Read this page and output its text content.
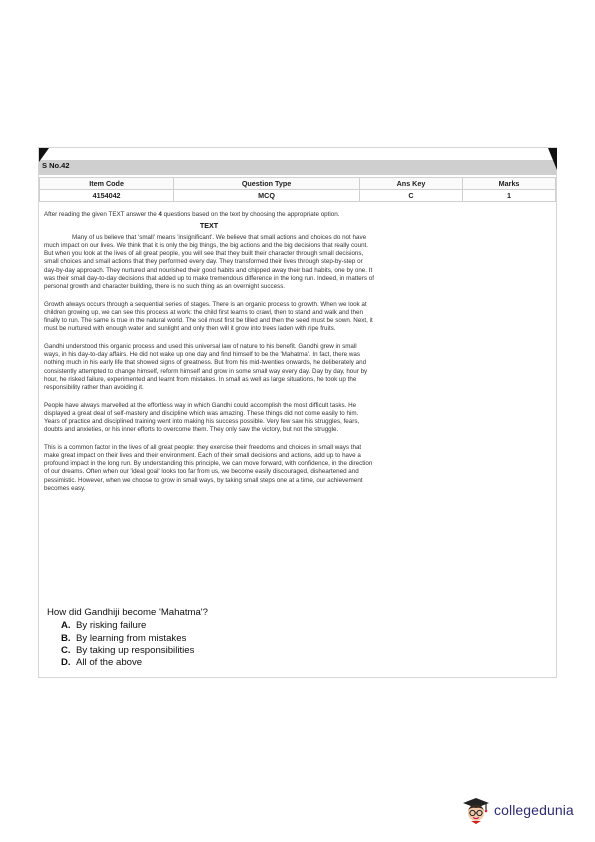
S No.42
Item Code	Question Type	Ans Key	Marks
4154042	MCQ	C	1

After reading the given TEXT answer the 4 questions based on the text by choosing the appropriate option.

TEXT

Many of us believe that 'small' means 'insignificant'. We believe that small actions and choices do not have much impact on our lives. We think that it is only the big things, the big actions and the big decisions that really count. But when you look at the lives of all great people, you will see that they built their character through small decisions, small choices and small actions that they performed every day. They transformed their lives through step-by-step or day-by-day approach. They nurtured and nourished their good habits and chipped away their bad habits, one by one. It was their small day-to-day decisions that added up to make tremendous difference in the long run. Indeed, in matters of personal growth and character building, there is no such thing as an overnight success.

Growth always occurs through a sequential series of stages. There is an organic process to growth. When we look at children growing up, we can see this process at work: the child first learns to crawl, then to stand and walk and then finally to run. The same is true in the natural world. The soil must first be tilled and then the seed must be sown. Next, it must be nurtured with enough water and sunlight and only then will it grow into trees laden with ripe fruits.

Gandhi understood this organic process and used this universal law of nature to his benefit. Gandhi grew in small ways, in his day-to-day affairs. He did not wake up one day and find himself to be the 'Mahatma'. In fact, there was nothing much in his early life that showed signs of greatness. But from his mid-twenties onwards, he deliberately and consistently attempted to change himself, reform himself and grow in some small way every day. Day by day, hour by hour, he risked failure, experimented and learnt from mistakes. In small as well as large situations, he took up the responsibility rather than avoiding it.

People have always marvelled at the effortless way in which Gandhi could accomplish the most difficult tasks. He displayed a great deal of self-mastery and discipline which was amazing. These things did not come easily to him. Years of practice and disciplined training went into making his success possible. Very few saw his struggles, fears, doubts and anxieties, or his inner efforts to overcome them. They only saw the victory, but not the struggle.

This is a common factor in the lives of all great people: they exercise their freedoms and choices in small ways that make great impact on their lives and their environment. Each of their small decisions and actions, add up to have a profound impact in the long run. By understanding this principle, we can move forward, with confidence, in the direction of our dreams. Often when our 'ideal goal' looks too far from us, we become easily discouraged, disheartened and pessimistic. However, when we choose to grow in small ways, by taking small steps one at a time, our achievement becomes easy.

How did Gandhiji become 'Mahatma'?
A. By risking failure
B. By learning from mistakes
C. By taking up responsibilities
D. All of the above
collegedunia
